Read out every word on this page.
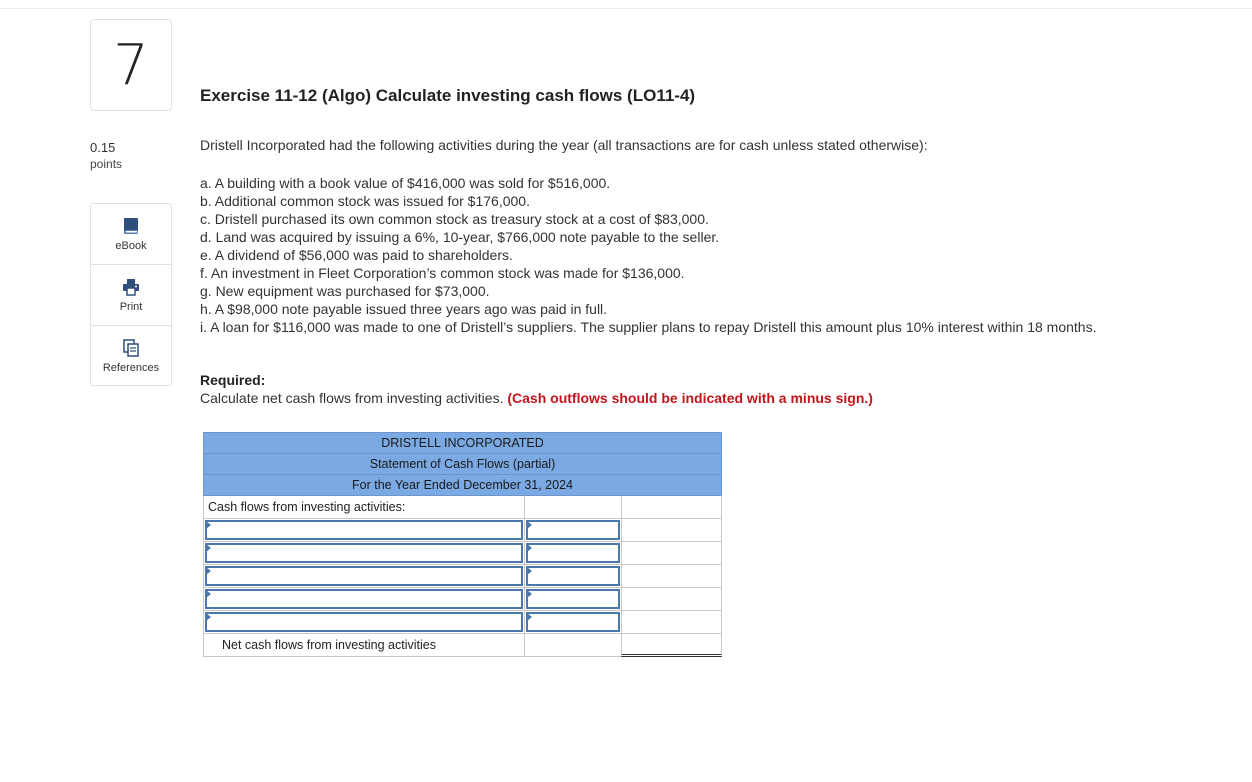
7
0.15
points
eBook
Print
References
Exercise 11-12 (Algo) Calculate investing cash flows (LO11-4)
Dristell Incorporated had the following activities during the year (all transactions are for cash unless stated otherwise):
a. A building with a book value of $416,000 was sold for $516,000.
b. Additional common stock was issued for $176,000.
c. Dristell purchased its own common stock as treasury stock at a cost of $83,000.
d. Land was acquired by issuing a 6%, 10-year, $766,000 note payable to the seller.
e. A dividend of $56,000 was paid to shareholders.
f. An investment in Fleet Corporation’s common stock was made for $136,000.
g. New equipment was purchased for $73,000.
h. A $98,000 note payable issued three years ago was paid in full.
i. A loan for $116,000 was made to one of Dristell’s suppliers. The supplier plans to repay Dristell this amount plus 10% interest within 18 months.
Required:
Calculate net cash flows from investing activities. (Cash outflows should be indicated with a minus sign.)
DRISTELL INCORPORATED
Statement of Cash Flows (partial)
For the Year Ended December 31, 2024
Cash flows from investing activities:
Net cash flows from investing activities
